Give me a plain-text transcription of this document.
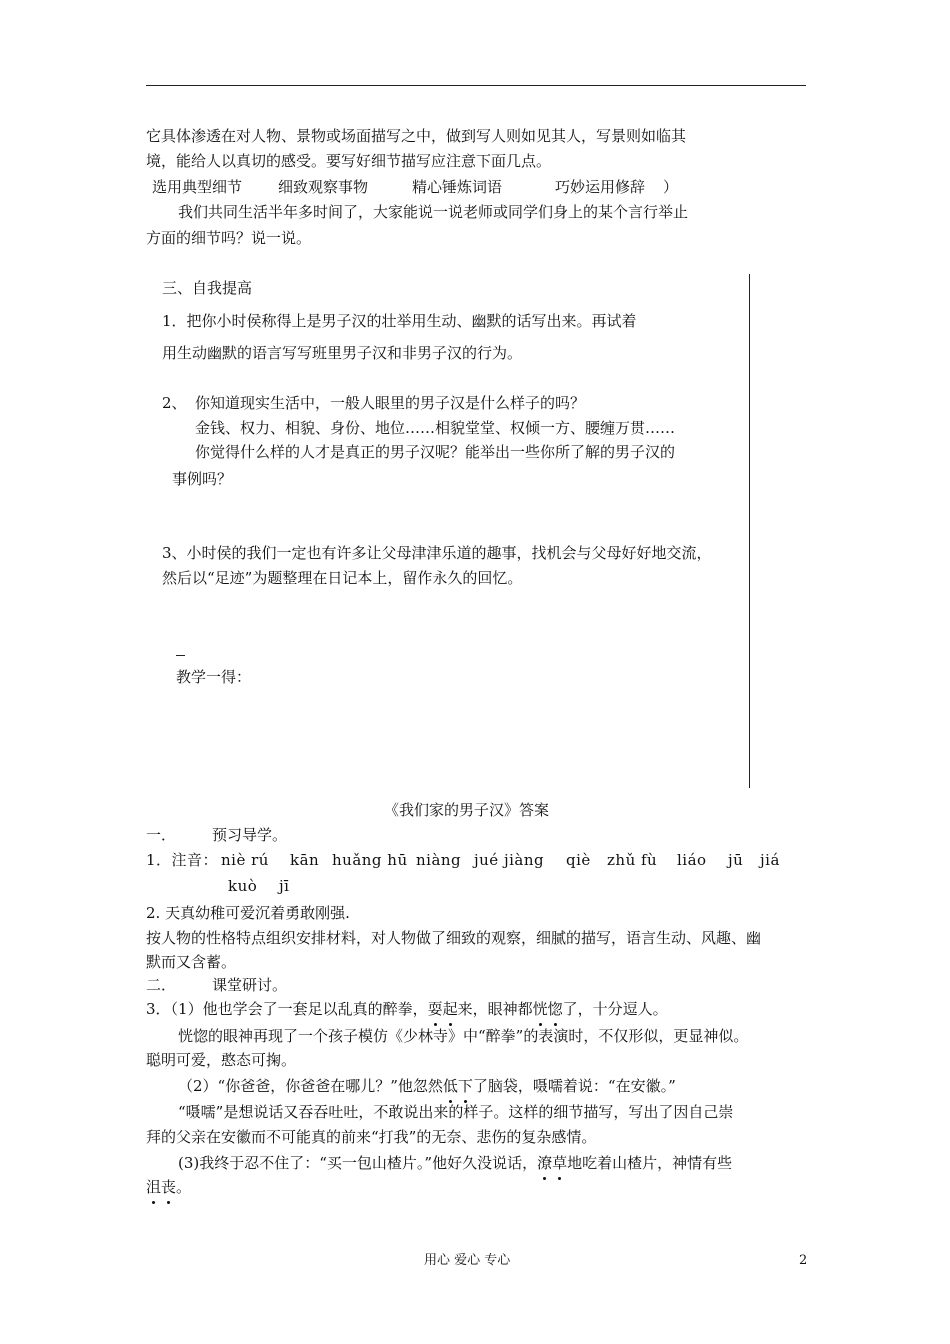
它具体渗透在对人物、景物或场面描写之中，做到写人则如见其人，写景则如临其
境，能给人以真切的感受。要写好细节描写应注意下面几点。
选用典型细节 细致观察事物	精心锤炼词语	巧妙运用修辞 ）
我们共同生活半年多时间了，大家能说一说老师或同学们身上的某个言行举止
方面的细节吗？说一说。
三、自我提高
1．把你小时侯称得上是男子汉的壮举用生动、幽默的话写出来。再试着
用生动幽默的语言写写班里男子汉和非男子汉的行为。
2、 你知道现实生活中，一般人眼里的男子汉是什么样子的吗？
金钱、权力、相貌、身份、地位……相貌堂堂、权倾一方、腰缠万贯……
你觉得什么样的人才是真正的男子汉呢？能举出一些你所了解的男子汉的
事例吗？
3、小时侯的我们一定也有许多让父母津津乐道的趣事，找机会与父母好好地交流，
然后以“足迹”为题整理在日记本上，留作永久的回忆。
教学一得：
《我们家的男子汉》答案
一． 预习导学。
1．注音： niè rú kān huǎng hū niàng jué jiàng qiè zhǔ fù liáo jū jiá
kuò jī
2. 天真幼稚可爱沉着勇敢刚强.
按人物的性格特点组织安排材料，对人物做了细致的观察，细腻的描写，语言生动、风趣、幽
默而又含蓄。
二． 课堂研讨。
3．（1）他也学会了一套足以乱真的醉拳，耍起来，眼神都恍惚了，十分逗人。
恍惚的眼神再现了一个孩子模仿《少林寺》中“醉拳”的表演时，不仅形似，更显神似。
聪明可爱，憨态可掬。
（2）“你爸爸，你爸爸在哪儿？”他忽然低下了脑袋，嗫嚅着说：“在安徽。”
“嗫嚅”是想说话又吞吞吐吐，不敢说出来的样子。这样的细节描写，写出了因自己崇
拜的父亲在安徽而不可能真的前来“打我”的无奈、悲伤的复杂感情。
(3)我终于忍不住了：“买一包山楂片。”他好久没说话，潦草地吃着山楂片，神情有些
沮丧。
用心 爱心 专心	2
